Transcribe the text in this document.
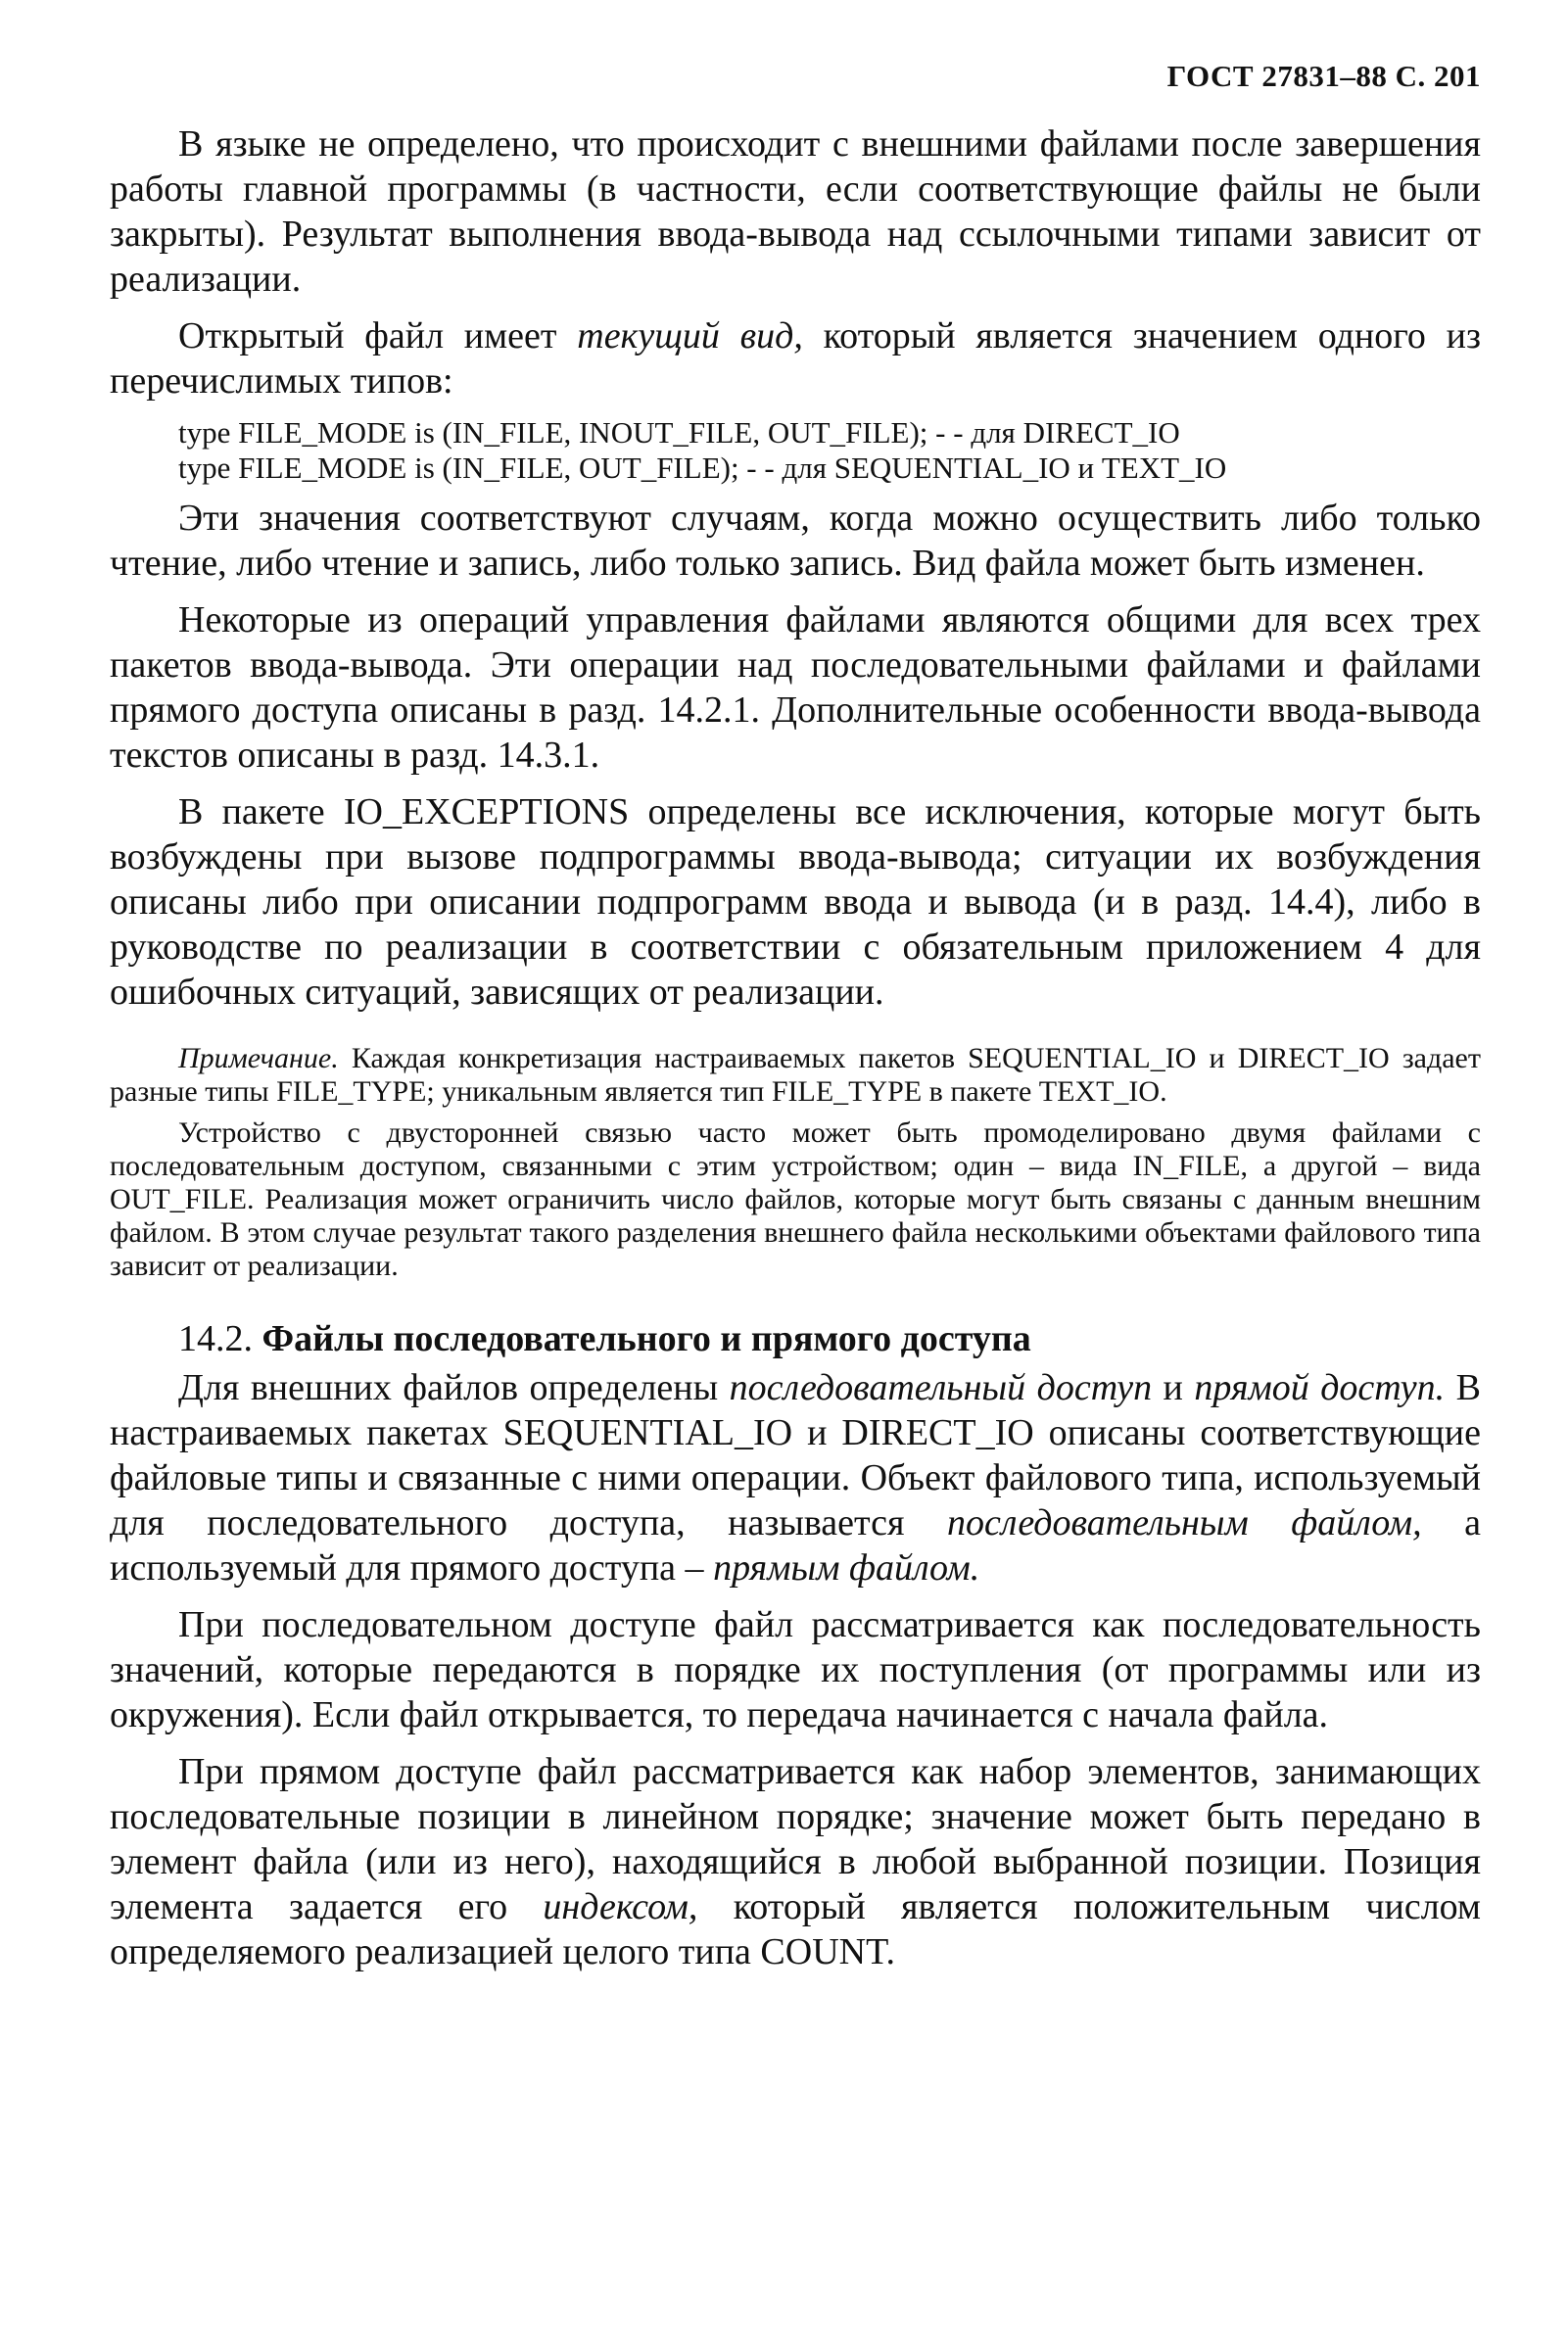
ГОСТ 27831–88 С. 201

В языке не определено, что происходит с внешними файлами после завершения работы главной программы (в частности, если соответствующие файлы не были закрыты). Результат выполнения ввода-вывода над ссылочными типами зависит от реализации.

Открытый файл имеет текущий вид, который является значением одного из перечислимых типов:

type FILE_MODE is (IN_FILE, INOUT_FILE, OUT_FILE); - - для DIRECT_IO
type FILE_MODE is (IN_FILE, OUT_FILE); - - для SEQUENTIAL_IO и TEXT_IO

Эти значения соответствуют случаям, когда можно осуществить либо только чтение, либо чтение и запись, либо только запись. Вид файла может быть изменен.

Некоторые из операций управления файлами являются общими для всех трех пакетов ввода-вывода. Эти операции над последовательными файлами и файлами прямого доступа описаны в разд. 14.2.1. Дополнительные особенности ввода-вывода текстов описаны в разд. 14.3.1.

В пакете IO_EXCEPTIONS определены все исключения, которые могут быть возбуждены при вызове подпрограммы ввода-вывода; ситуации их возбуждения описаны либо при описании подпрограмм ввода и вывода (и в разд. 14.4), либо в руководстве по реализации в соответствии с обязательным приложением 4 для ошибочных ситуаций, зависящих от реализации.

Примечание. Каждая конкретизация настраиваемых пакетов SEQUENTIAL_IO и DIRECT_IO задает разные типы FILE_TYPE; уникальным является тип FILE_TYPE в пакете TEXT_IO.

Устройство с двусторонней связью часто может быть промоделировано двумя файлами с последовательным доступом, связанными с этим устройством; один – вида IN_FILE, а другой – вида OUT_FILE. Реализация может ограничить число файлов, которые могут быть связаны с данным внешним файлом. В этом случае результат такого разделения внешнего файла несколькими объектами файлового типа зависит от реализации.

14.2. Файлы последовательного и прямого доступа

Для внешних файлов определены последовательный доступ и прямой доступ. В настраиваемых пакетах SEQUENTIAL_IO и DIRECT_IO описаны соответствующие файловые типы и связанные с ними операции. Объект файлового типа, используемый для последовательного доступа, называется последовательным файлом, а используемый для прямого доступа – прямым файлом.

При последовательном доступе файл рассматривается как последовательность значений, которые передаются в порядке их поступления (от программы или из окружения). Если файл открывается, то передача начинается с начала файла.

При прямом доступе файл рассматривается как набор элементов, занимающих последовательные позиции в линейном порядке; значение может быть передано в элемент файла (или из него), находящийся в любой выбранной позиции. Позиция элемента задается его индексом, который является положительным числом определяемого реализацией целого типа COUNT.
